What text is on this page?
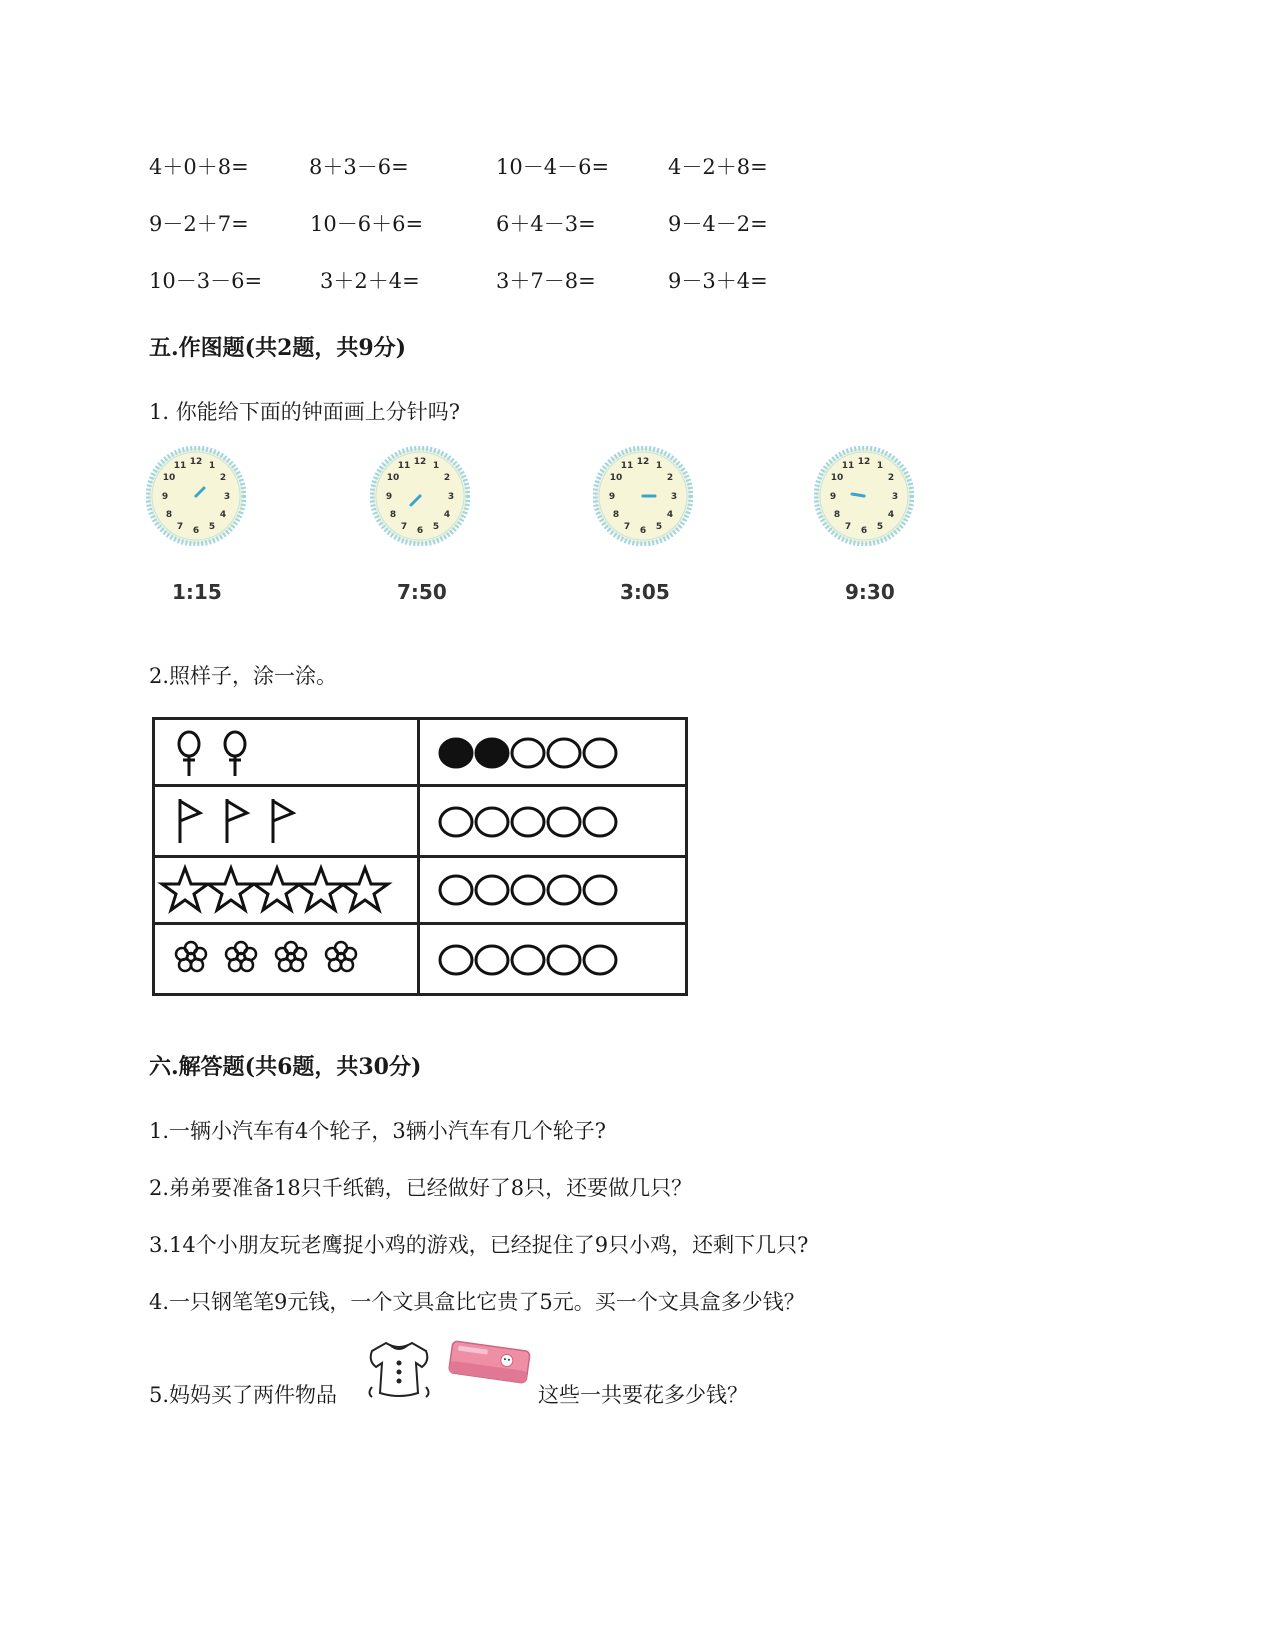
4＋0＋8=	8＋3－6=	10－4－6=	4－2＋8=
9－2＋7=	10－6＋6=	6＋4－3=	9－4－2=
10－3－6=	3＋2＋4=	3＋7－8=	9－3＋4=
五.作图题(共2题，共9分)
1. 你能给下面的钟面画上分针吗?
12 1
2
3
4
5
6
7
8
9
10
11	12 1
2
3
4
5
6
7
8
9
10
11	12 1
2
3
4
5
6
7
8
9
10
11	12 1
2
3
4
5
6
7
8
9
10
11
1:15	7:50	3:05	9:30
2.照样子，涂一涂。

六.解答题(共6题，共30分)
1.一辆小汽车有4个轮子，3辆小汽车有几个轮子?
2.弟弟要准备18只千纸鹤，已经做好了8只，还要做几只？
3.14个小朋友玩老鹰捉小鸡的游戏，已经捉住了9只小鸡，还剩下几只?
4.一只钢笔笔9元钱，一个文具盒比它贵了5元。买一个文具盒多少钱？
5.妈妈买了两件物品	这些一共要花多少钱？
